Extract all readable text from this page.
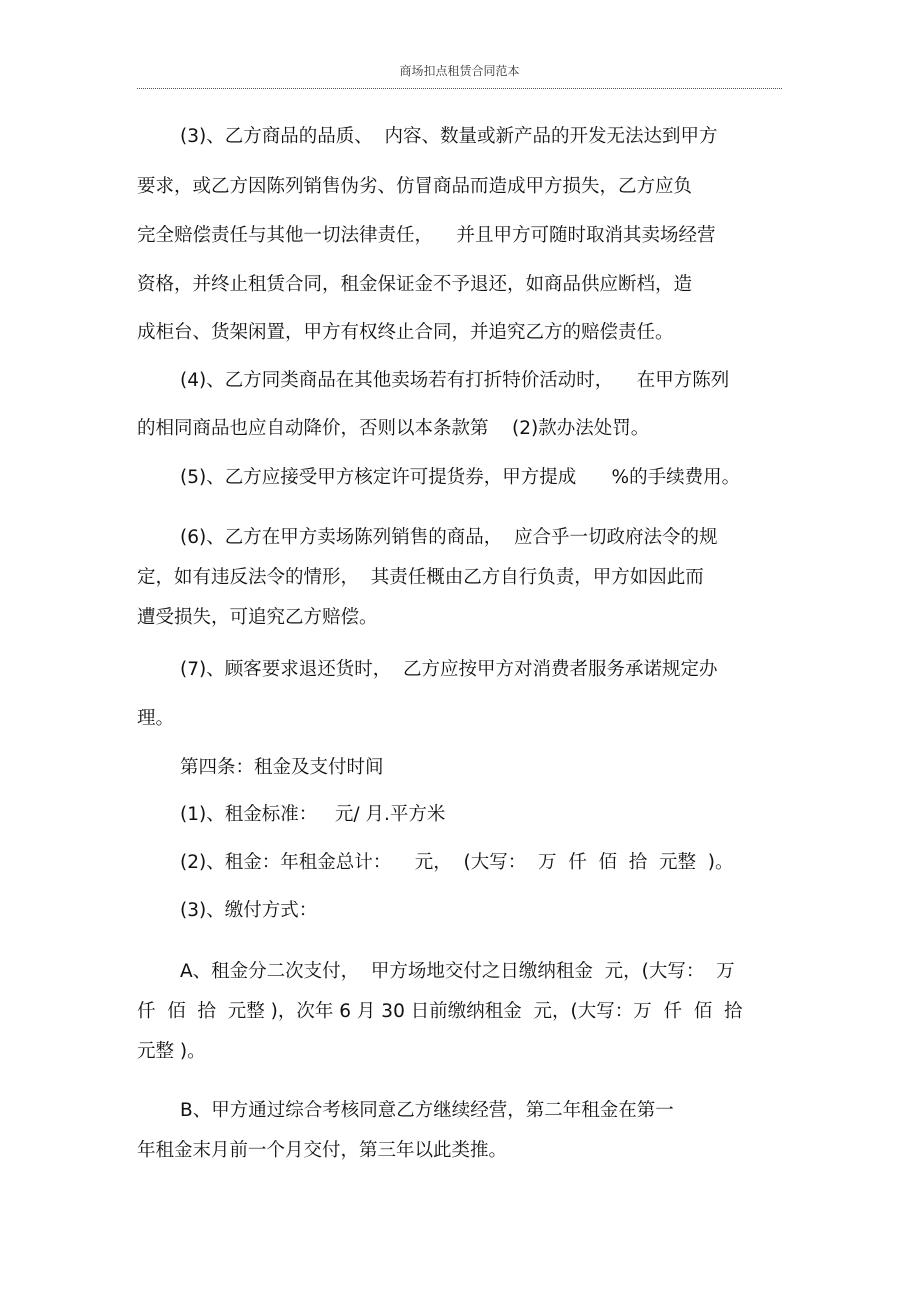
商场扣点租赁合同范本
(3)、乙方商品的品质、  内容、数量或新产品的开发无法达到甲方
要求，或乙方因陈列销售伪劣、仿冒商品而造成甲方损失，乙方应负
完全赔偿责任与其他一切法律责任，    并且甲方可随时取消其卖场经营
资格，并终止租赁合同，租金保证金不予退还，如商品供应断档，造
成柜台、货架闲置，甲方有权终止合同，并追究乙方的赔偿责任。
(4)、乙方同类商品在其他卖场若有打折特价活动时，    在甲方陈列
的相同商品也应自动降价，否则以本条款第    (2)款办法处罚。
(5)、乙方应接受甲方核定许可提货券，甲方提成      %的手续费用。
(6)、乙方在甲方卖场陈列销售的商品，  应合乎一切政府法令的规
定，如有违反法令的情形，  其责任概由乙方自行负责，甲方如因此而
遭受损失，可追究乙方赔偿。
(7)、顾客要求退还货时，  乙方应按甲方对消费者服务承诺规定办
理。
第四条：租金及支付时间
(1)、租金标准：   元/ 月.平方米
(2)、租金：年租金总计：    元，  (大写：  万  仟  佰  拾  元整  )。
(3)、缴付方式：
A、租金分二次支付，  甲方场地交付之日缴纳租金  元，(大写：  万
仟  佰  拾  元整 )，次年 6 月 30 日前缴纳租金  元，(大写：万  仟  佰  拾
元整 )。
B、甲方通过综合考核同意乙方继续经营，第二年租金在第一
年租金末月前一个月交付，第三年以此类推。
